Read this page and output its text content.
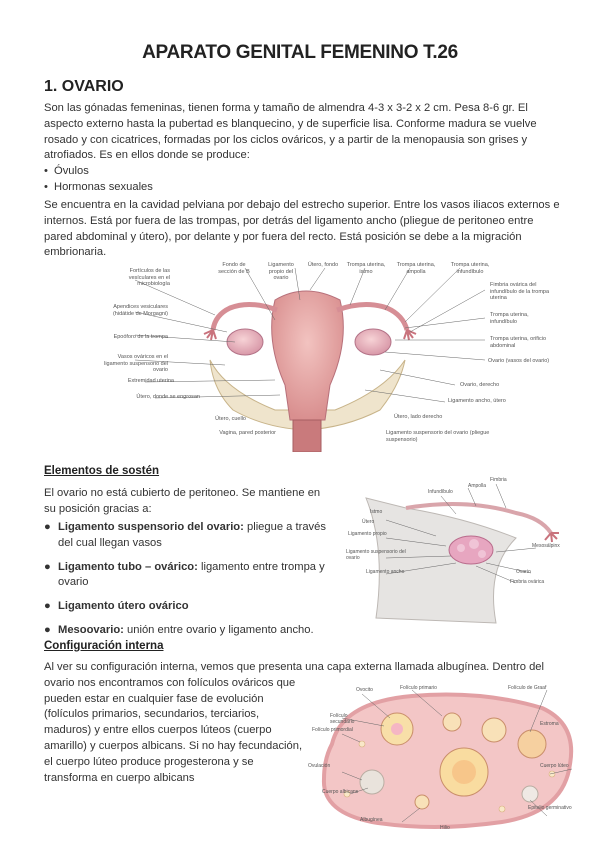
APARATO GENITAL FEMENINO T.26
1. OVARIO

Son las gónadas femeninas, tienen forma y tamaño de almendra 4-3 x 3-2 x 2 cm. Pesa 8-6 gr. El aspecto externo hasta la pubertad es blanquecino, y de superficie lisa. Conforme madura se vuelve rosado y con cicatrices, formadas por los ciclos ováricos, y a partir de la menopausia son grises y atrofiados. Es en ellos donde se produce:

• Óvulos
• Hormonas sexuales

Se encuentra en la cavidad pelviana por debajo del estrecho superior. Entre los vasos iliacos externos e internos. Está por fuera de las trompas, por detrás del ligamento ancho (pliegue de peritoneo entre pared abdominal y útero), por delante y por fuera del recto. Está posición se debe a la migración embrionaria.

Fortículos de las vesículares en el microbiología
Apendices vesiculares (hidátide de Morgagni)
Epoóforo de la trompa
Vasos ováricos en el ligamento suspensorio del ovario
Extremidad uterina
Útero, donde se engrosan
Fondo de sección de B
Ligamento propio del ovario
Útero, fondo	Trompa uterina, istmo
Trompa uterina, ampolla
Trompa uterina, infundíbulo
Fimbria ovárica del infundíbulo de la trompa uterina
Trompa uterina, infundíbulo
Trompa uterina, orificio abdominal
Ovario (vasos del ovario)
Ovario, derecho
Ligamento ancho, útero
Útero, cuello
Vagina, pared posterior
Útero, lado derecho
Ligamento suspensorio del ovario (pliegue suspensorio)
Elementos de sostén

El ovario no está cubierto de peritoneo. Se mantiene en su posición gracias a:

● Ligamento suspensorio del ovario: pliegue a través del cual llegan vasos
● Ligamento tubo – ovárico: ligamento entre trompa y ovario
● Ligamento útero ovárico
● Mesoovario: unión entre ovario y ligamento ancho.
Fimbria
Infundíbulo
Ampolla
Istmo
Útero
Ligamento propio
Ligamento suspensorio del ovario
Ligamento ancho
Mesosálpinx
Ovario
Fimbria ovárica
Configuración interna

Al ver su configuración interna, vemos que presenta una capa externa llamada albugínea. Dentro del

ovario nos encontramos con folículos ováricos que

pueden estar en cualquier fase de evolución

(folículos primarios, secundarios, terciarios,

maduros) y entre ellos cuerpos lúteos (cuerpo

amarillo) y cuerpos albicans. Si no hay fecundación,

el cuerpo lúteo produce progesterona y se

transforma en cuerpo albicans

Ovocito	Folículo primario
Folículo secundario
Folículo primordial
Folículo de Graaf
Ovulación	Cuerpo lúteo
Cuerpo albicans
Epitelio germinativo
Albugínea
Estroma
Hilio
